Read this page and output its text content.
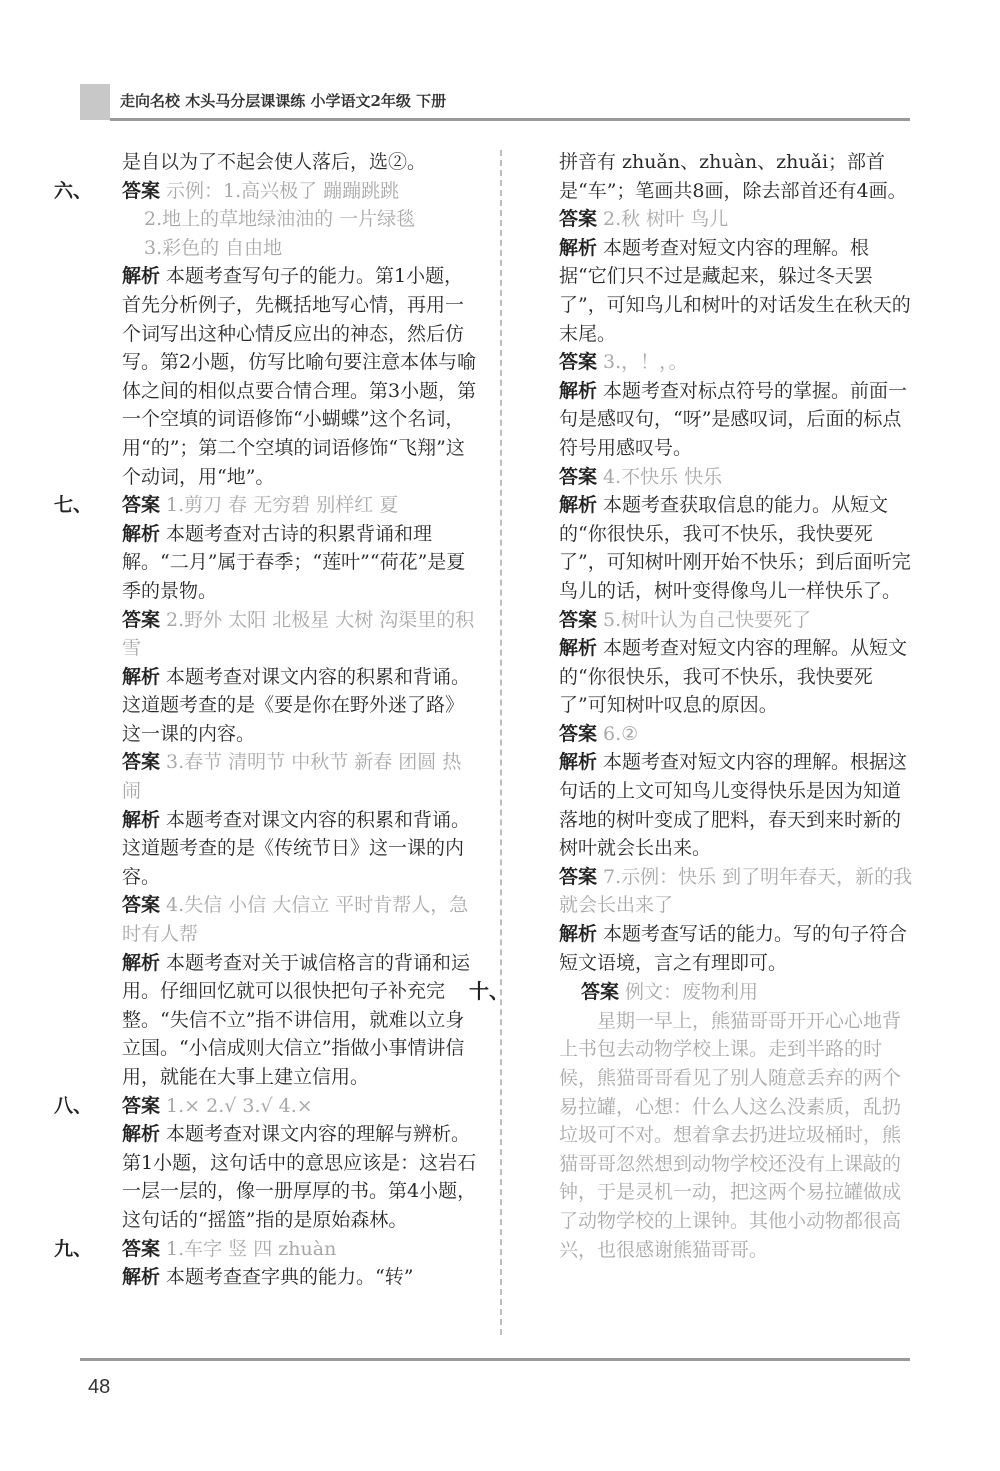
走向名校 木头马分层课课练 小学语文2年级 下册
是自以为了不起会使人落后，选②。
六、 答案 示例：1.高兴极了 蹦蹦跳跳
2.地上的草地绿油油的 一片绿毯
3.彩色的 自由地
解析 本题考查写句子的能力。第1小题，首先分析例子，先概括地写心情，再用一个词写出这种心情反应出的神态，然后仿写。第2小题，仿写比喻句要注意本体与喻体之间的相似点要合情合理。第3小题，第一个空填的词语修饰“小蝴蝶”这个名词，用“的”；第二个空填的词语修饰“飞翔”这个动词，用“地”。
七、 答案 1.剪刀 春 无穷碧 别样红 夏
解析 本题考查对古诗的积累背诵和理解。“二月”属于春季；“莲叶”“荷花”是夏季的景物。
答案 2.野外 太阳 北极星 大树 沟渠里的积雪
解析 本题考查对课文内容的积累和背诵。这道题考查的是《要是你在野外迷了路》这一课的内容。
答案 3.春节 清明节 中秋节 新春 团圆 热闹
解析 本题考查对课文内容的积累和背诵。这道题考查的是《传统节日》这一课的内容。
答案 4.失信 小信 大信立 平时肯帮人，急时有人帮
解析 本题考查对关于诚信格言的背诵和运用。仔细回忆就可以很快把句子补充完整。“失信不立”指不讲信用，就难以立身立国。“小信成则大信立”指做小事情讲信用，就能在大事上建立信用。
八、 答案 1.× 2.√ 3.√ 4.×
解析 本题考查对课文内容的理解与辨析。第1小题，这句话中的意思应该是：这岩石一层一层的，像一册厚厚的书。第4小题，这句话的“摇篮”指的是原始森林。
九、 答案 1.车字 竖 四 zhuàn
解析 本题考查查字典的能力。“转”
拼音有 zhuǎn、zhuàn、zhuǎi；部首是“车”；笔画共8画，除去部首还有4画。
答案 2.秋 树叶 鸟儿
解析 本题考查对短文内容的理解。根据“它们只不过是藏起来，躲过冬天罢了”，可知鸟儿和树叶的对话发生在秋天的末尾。
答案 3.，！，。
解析 本题考查对标点符号的掌握。前面一句是感叹句，“呀”是感叹词，后面的标点符号用感叹号。
答案 4.不快乐 快乐
解析 本题考查获取信息的能力。从短文的“你很快乐，我可不快乐，我快要死了”，可知树叶刚开始不快乐；到后面听完鸟儿的话，树叶变得像鸟儿一样快乐了。
答案 5.树叶认为自己快要死了
解析 本题考查对短文内容的理解。从短文的“你很快乐，我可不快乐，我快要死了”可知树叶叹息的原因。
答案 6.②
解析 本题考查对短文内容的理解。根据这句话的上文可知鸟儿变得快乐是因为知道落地的树叶变成了肥料，春天到来时新的树叶就会长出来。
答案 7.示例：快乐 到了明年春天，新的我就会长出来了
解析 本题考查写话的能力。写的句子符合短文语境，言之有理即可。
十、	答案 例文：废物利用
星期一早上，熊猫哥哥开开心心地背上书包去动物学校上课。走到半路的时候，熊猫哥哥看见了别人随意丢弃的两个易拉罐，心想：什么人这么没素质，乱扔垃圾可不对。想着拿去扔进垃圾桶时，熊猫哥哥忽然想到动物学校还没有上课敲的钟，于是灵机一动，把这两个易拉罐做成了动物学校的上课钟。其他小动物都很高兴，也很感谢熊猫哥哥。
48
